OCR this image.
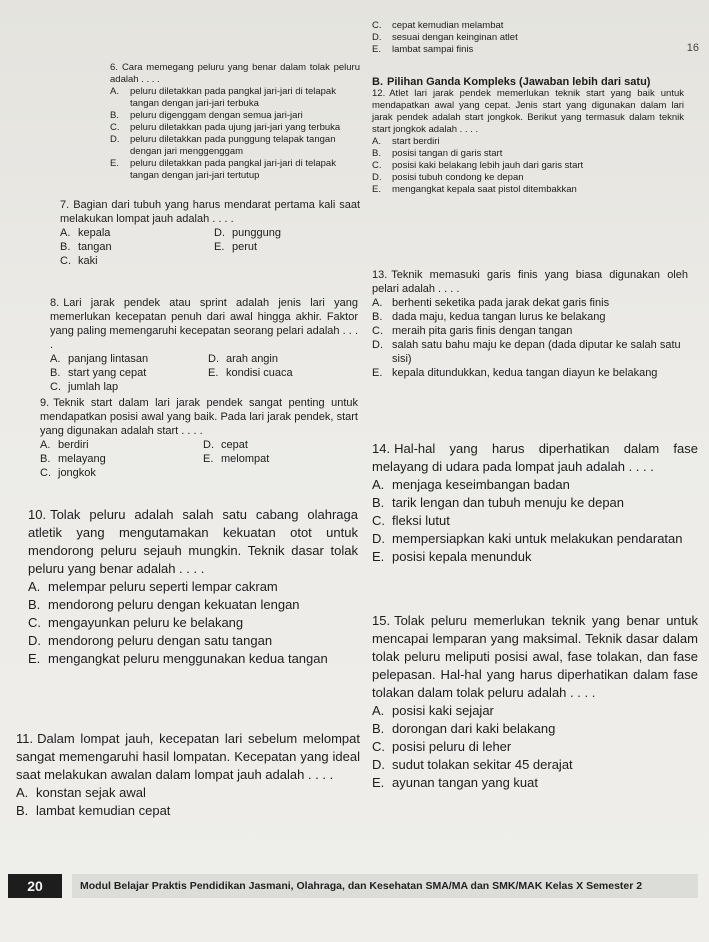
16
C.	cepat kemudian melambat
D.	sesuai dengan keinginan atlet
E.	lambat sampai finis
6. Cara memegang peluru yang benar dalam tolak peluru adalah . . . .
A.	peluru diletakkan pada pangkal jari-jari di telapak tangan dengan jari-jari terbuka
B.	peluru digenggam dengan semua jari-jari
C.	peluru diletakkan pada ujung jari-jari yang terbuka
D.	peluru diletakkan pada punggung telapak tangan dengan jari menggenggam
E.	peluru diletakkan pada pangkal jari-jari di telapak tangan dengan jari-jari tertutup
7. Bagian dari tubuh yang harus mendarat pertama kali saat melakukan lompat jauh adalah . . . .
A. kepala	D. punggung
B. tangan	E. perut
C. kaki
8. Lari jarak pendek atau sprint adalah jenis lari yang memerlukan kecepatan penuh dari awal hingga akhir. Faktor yang paling memengaruhi kecepatan seorang pelari adalah . . . .
A. panjang lintasan	D. arah angin
B. start yang cepat	E. kondisi cuaca
C. jumlah lap
9. Teknik start dalam lari jarak pendek sangat penting untuk mendapatkan posisi awal yang baik. Pada lari jarak pendek, start yang digunakan adalah start . . . .
A. berdiri	D. cepat
B. melayang	E. melompat
C. jongkok
10. Tolak peluru adalah salah satu cabang olahraga atletik yang mengutamakan kekuatan otot untuk mendorong peluru sejauh mungkin. Teknik dasar tolak peluru yang benar adalah . . . .
A. melempar peluru seperti lempar cakram
B. mendorong peluru dengan kekuatan lengan
C. mengayunkan peluru ke belakang
D. mendorong peluru dengan satu tangan
E. mengangkat peluru menggunakan kedua tangan
11. Dalam lompat jauh, kecepatan lari sebelum melompat sangat memengaruhi hasil lompatan. Kecepatan yang ideal saat melakukan awalan dalam lompat jauh adalah . . . .
A. konstan sejak awal
B. lambat kemudian cepat
B. Pilihan Ganda Kompleks (Jawaban lebih dari satu)
12. Atlet lari jarak pendek memerlukan teknik start yang baik untuk mendapatkan awal yang cepat. Jenis start yang digunakan dalam lari jarak pendek adalah start jongkok. Berikut yang termasuk dalam teknik start jongkok adalah . . . .
A.	start berdiri
B.	posisi tangan di garis start
C.	posisi kaki belakang lebih jauh dari garis start
D.	posisi tubuh condong ke depan
E.	mengangkat kepala saat pistol ditembakkan
13. Teknik memasuki garis finis yang biasa digunakan oleh pelari adalah . . . .
A. berhenti seketika pada jarak dekat garis finis
B. dada maju, kedua tangan lurus ke belakang
C. meraih pita garis finis dengan tangan
D. salah satu bahu maju ke depan (dada diputar ke salah satu sisi)
E. kepala ditundukkan, kedua tangan diayun ke belakang
14. Hal-hal yang harus diperhatikan dalam fase melayang di udara pada lompat jauh adalah . . . .
A. menjaga keseimbangan badan
B. tarik lengan dan tubuh menuju ke depan
C. fleksi lutut
D. mempersiapkan kaki untuk melakukan pendaratan
E. posisi kepala menunduk
15. Tolak peluru memerlukan teknik yang benar untuk mencapai lemparan yang maksimal. Teknik dasar dalam tolak peluru meliputi posisi awal, fase tolakan, dan fase pelepasan. Hal-hal yang harus diperhatikan dalam fase tolakan dalam tolak peluru adalah . . . .
A. posisi kaki sejajar
B. dorongan dari kaki belakang
C. posisi peluru di leher
D. sudut tolakan sekitar 45 derajat
E. ayunan tangan yang kuat
20	Modul Belajar Praktis Pendidikan Jasmani, Olahraga, dan Kesehatan SMA/MA dan SMK/MAK Kelas X Semester 2
